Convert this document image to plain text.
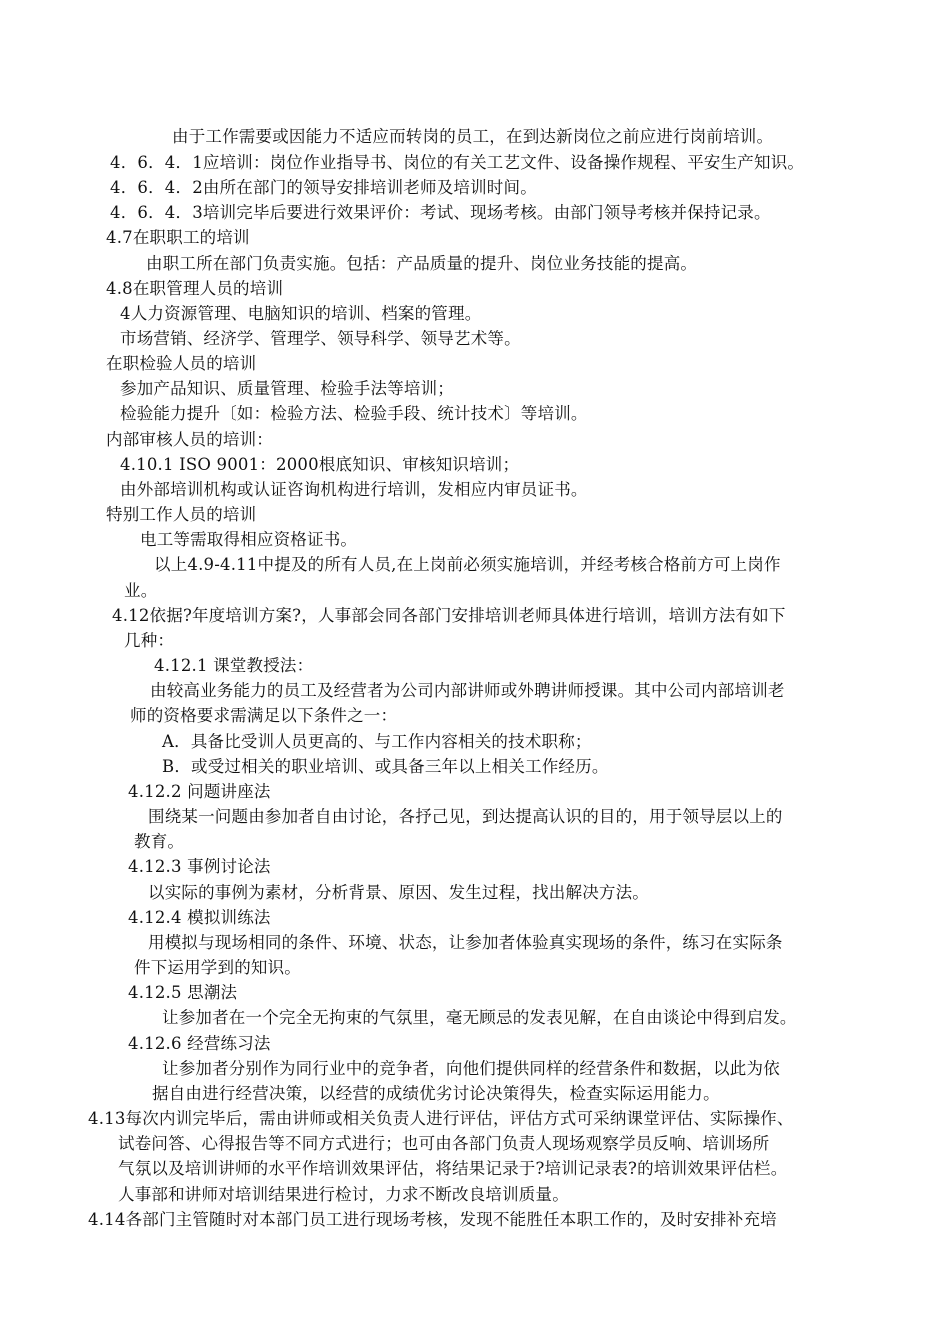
由于工作需要或因能力不适应而转岗的员工，在到达新岗位之前应进行岗前培训。
4．6．4．1应培训：岗位作业指导书、岗位的有关工艺文件、设备操作规程、平安生产知识。
4．6．4．2由所在部门的领导安排培训老师及培训时间。
4．6．4．3培训完毕后要进行效果评价：考试、现场考核。由部门领导考核并保持记录。
4.7在职职工的培训
由职工所在部门负责实施。包括：产品质量的提升、岗位业务技能的提高。
4.8在职管理人员的培训
4人力资源管理、电脑知识的培训、档案的管理。
市场营销、经济学、管理学、领导科学、领导艺术等。
在职检验人员的培训
参加产品知识、质量管理、检验手法等培训；
检验能力提升〔如：检验方法、检验手段、统计技术〕等培训。
内部审核人员的培训：
4.10.1 ISO 9001：2000根底知识、审核知识培训；
由外部培训机构或认证咨询机构进行培训，发相应内审员证书。
特别工作人员的培训
电工等需取得相应资格证书。
以上4.9-4.11中提及的所有人员,在上岗前必须实施培训，并经考核合格前方可上岗作
业。
4.12依据?年度培训方案?，人事部会同各部门安排培训老师具体进行培训，培训方法有如下
几种：
4.12.1 课堂教授法：
由较高业务能力的员工及经营者为公司内部讲师或外聘讲师授课。其中公司内部培训老
师的资格要求需满足以下条件之一：
A．具备比受训人员更高的、与工作内容相关的技术职称；
B．或受过相关的职业培训、或具备三年以上相关工作经历。
4.12.2 问题讲座法
围绕某一问题由参加者自由讨论，各抒己见，到达提高认识的目的，用于领导层以上的
教育。
4.12.3 事例讨论法
以实际的事例为素材，分析背景、原因、发生过程，找出解决方法。
4.12.4 模拟训练法
用模拟与现场相同的条件、环境、状态，让参加者体验真实现场的条件，练习在实际条
件下运用学到的知识。
4.12.5 思潮法
让参加者在一个完全无拘束的气氛里，毫无顾忌的发表见解，在自由谈论中得到启发。
4.12.6 经营练习法
让参加者分别作为同行业中的竞争者，向他们提供同样的经营条件和数据，以此为依
据自由进行经营决策，以经营的成绩优劣讨论决策得失，检查实际运用能力。
4.13每次内训完毕后，需由讲师或相关负责人进行评估，评估方式可采纳课堂评估、实际操作、
试卷问答、心得报告等不同方式进行；也可由各部门负责人现场观察学员反响、培训场所
气氛以及培训讲师的水平作培训效果评估，将结果记录于?培训记录表?的培训效果评估栏。
人事部和讲师对培训结果进行检讨，力求不断改良培训质量。
4.14各部门主管随时对本部门员工进行现场考核，发现不能胜任本职工作的，及时安排补充培
